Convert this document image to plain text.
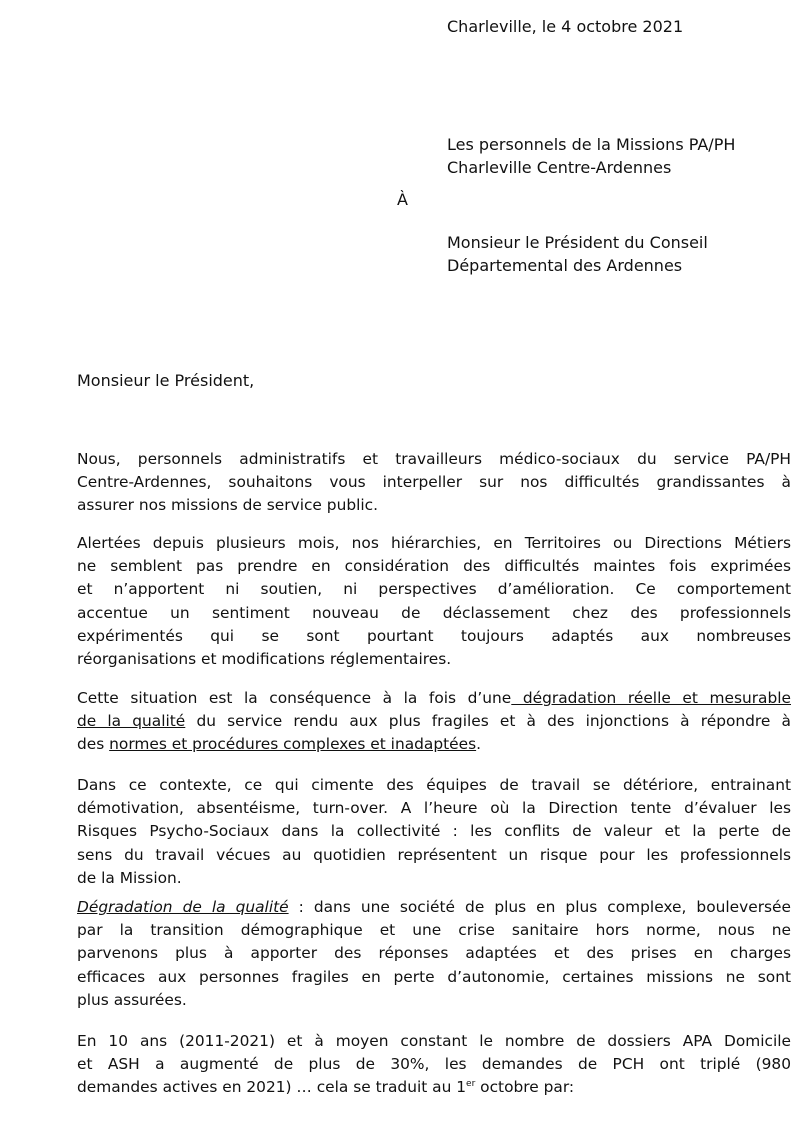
Charleville, le 4 octobre 2021
Les personnels de la Missions PA/PH
Charleville Centre-Ardennes
À
Monsieur le Président du Conseil
Départemental des Ardennes
Monsieur le Président,
Nous, personnels administratifs et travailleurs médico-sociaux du service PA/PH
Centre-Ardennes, souhaitons vous interpeller sur nos difficultés grandissantes à
assurer nos missions de service public.
Alertées depuis plusieurs mois, nos hiérarchies, en Territoires ou Directions Métiers
ne semblent pas prendre en considération des difficultés maintes fois exprimées
et n’apportent ni soutien, ni perspectives d’amélioration. Ce comportement
accentue un sentiment nouveau de déclassement chez des professionnels
expérimentés qui se sont pourtant toujours adaptés aux nombreuses
réorganisations et modifications réglementaires.
Cette situation est la conséquence à la fois d’une dégradation réelle et mesurable
de la qualité du service rendu aux plus fragiles et à des injonctions à répondre à
des normes et procédures complexes et inadaptées.
Dans ce contexte, ce qui cimente des équipes de travail se détériore, entrainant
démotivation, absentéisme, turn-over. A l’heure où la Direction tente d’évaluer les
Risques Psycho-Sociaux dans la collectivité : les conflits de valeur et la perte de
sens du travail vécues au quotidien représentent un risque pour les professionnels
de la Mission.
Dégradation de la qualité : dans une société de plus en plus complexe, bouleversée
par la transition démographique et une crise sanitaire hors norme, nous ne
parvenons plus à apporter des réponses adaptées et des prises en charges
efficaces aux personnes fragiles en perte d’autonomie, certaines missions ne sont
plus assurées.
En 10 ans (2011-2021) et à moyen constant le nombre de dossiers APA Domicile
et ASH a augmenté de plus de 30%, les demandes de PCH ont triplé (980
demandes actives en 2021) … cela se traduit au 1er octobre par:
